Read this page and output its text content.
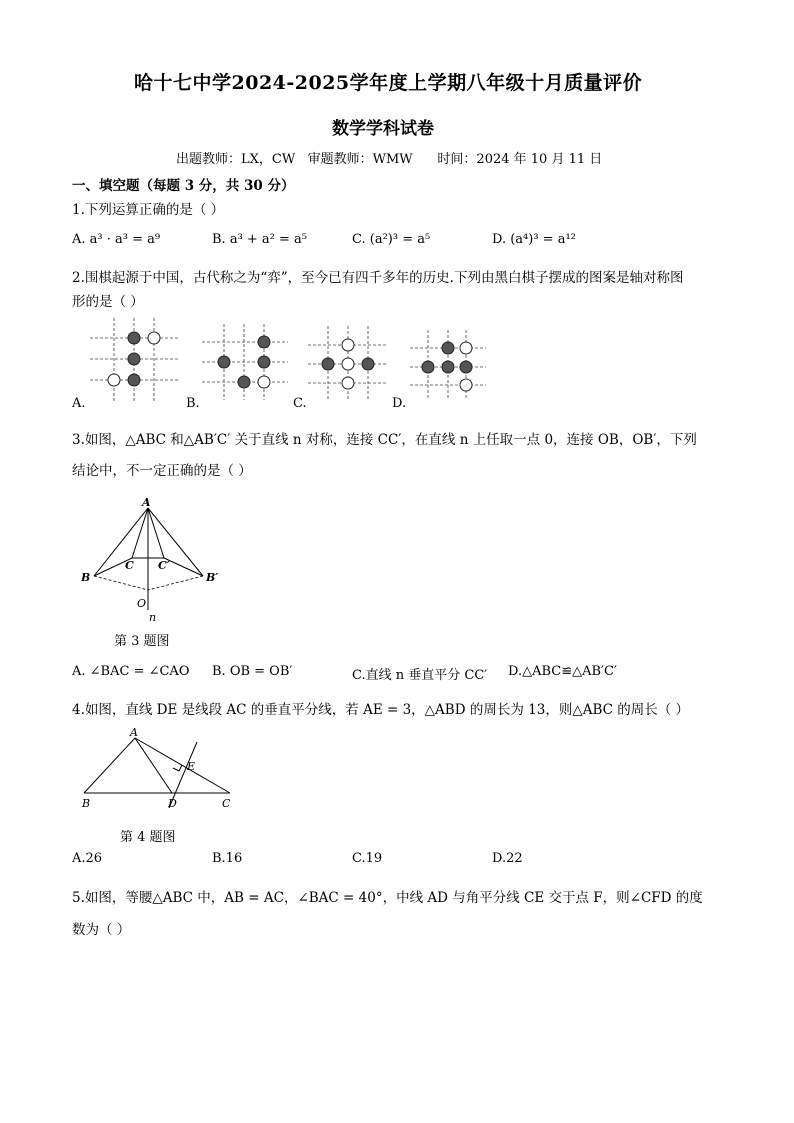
哈十七中学2024-2025学年度上学期八年级十月质量评价
数学学科试卷
出题教师：LX，CW   审题教师：WMW      时间：2024 年 10 月 11 日
一、填空题（每题 3 分，共 30 分）
1.下列运算正确的是（ ）
A. a³ · a³ = a⁹	B. a³ + a² = a⁵	C. (a²)³ = a⁵	D. (a⁴)³ = a¹²
2.围棋起源于中国，古代称之为“弈”，至今已有四千多年的历史.下列由黑白棋子摆成的图案是轴对称图
形的是（ ）
A.	B.	C.	D.
3.如图，△ABC 和△AB′C′ 关于直线 n 对称，连接 CC′，在直线 n 上任取一点 0，连接 OB，OB′，下列
结论中，不一定正确的是（ ）
A
B
C C′
B′
O
n
第 3 题图
A. ∠BAC = ∠CAO B. OB = OB′	C.直线 n 垂直平分 CC′ D.△ABC≌△AB′C′
4.如图，直线 DE 是线段 AC 的垂直平分线，若 AE = 3，△ABD 的周长为 13，则△ABC 的周长（ ）
A
B	D	C
E
第 4 题图
A.26	B.16	C.19	D.22
5.如图，等腰△ABC 中，AB = AC，∠BAC = 40°，中线 AD 与角平分线 CE 交于点 F，则∠CFD 的度
数为（ ）
